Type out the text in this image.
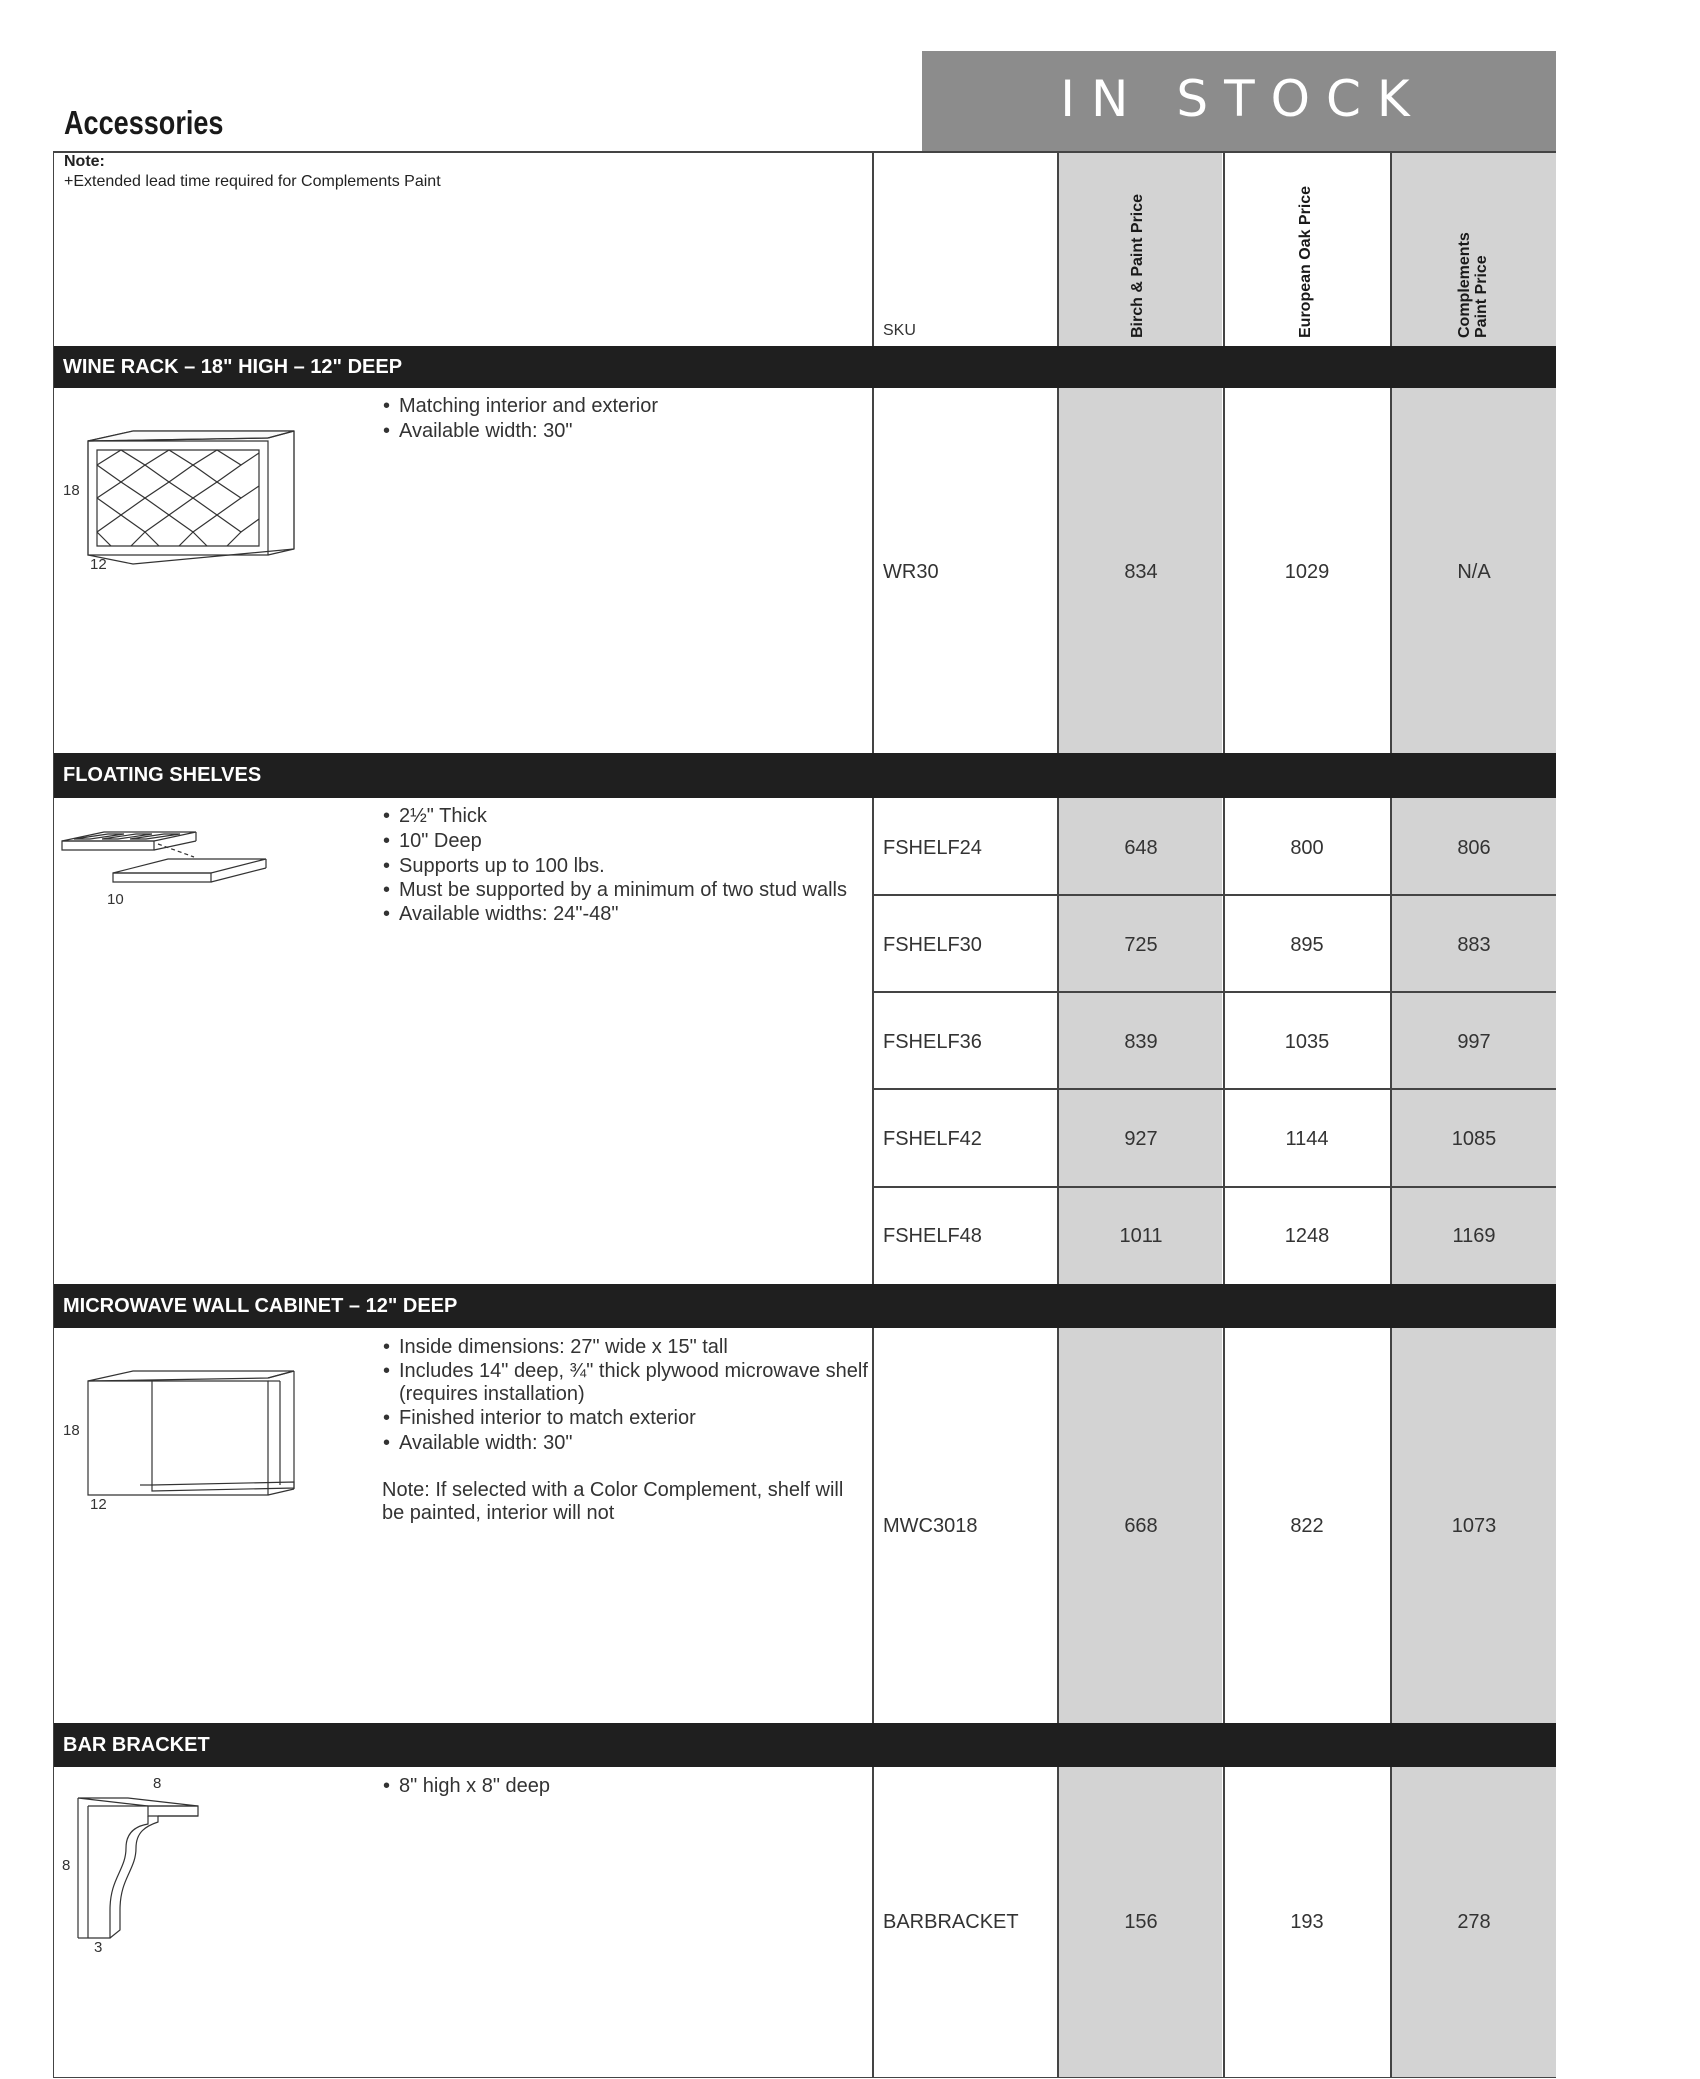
Accessories	IN STOCK
Note:
+Extended lead time required for Complements Paint
SKU	Birch & Paint Price	European Oak Price	Complements Paint Price
WINE RACK – 18" HIGH – 12" DEEP
18
12
• Matching interior and exterior
• Available width: 30"
WR30	834	1029	N/A
FLOATING SHELVES
10
• 2½" Thick
• 10" Deep
• Supports up to 100 lbs.
• Must be supported by a minimum of two stud walls
• Available widths: 24"-48"
FSHELF24	648	800	806
FSHELF30	725	895	883
FSHELF36	839	1035	997
FSHELF42	927	1144	1085
FSHELF48	1011	1248	1169
MICROWAVE WALL CABINET – 12" DEEP
18
12
• Inside dimensions: 27" wide x 15" tall
• Includes 14" deep, ¾" thick plywood microwave shelf (requires installation)
• Finished interior to match exterior
• Available width: 30"
Note: If selected with a Color Complement, shelf will be painted, interior will not
MWC3018	668	822	1073
BAR BRACKET
8
8
3
• 8" high x 8" deep
BARBRACKET	156	193	278
